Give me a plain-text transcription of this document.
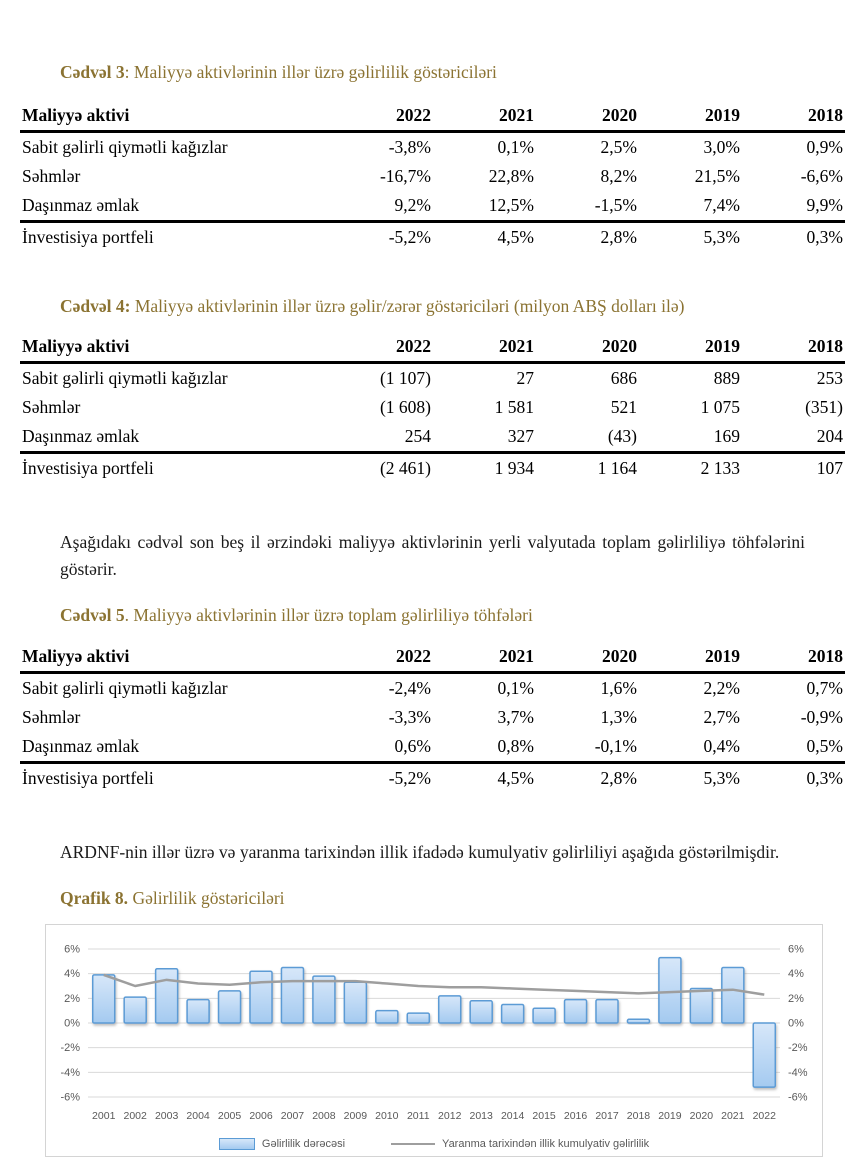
Cədvəl 3: Maliyyə aktivlərinin illər üzrə gəlirlilik göstəriciləri

Maliyyə aktivi	2022	2021	2020	2019	2018
Sabit gəlirli qiymətli kağızlar	-3,8%	0,1%	2,5%	3,0%	0,9%
Səhmlər	-16,7%	22,8%	8,2%	21,5%	-6,6%
Daşınmaz əmlak	9,2%	12,5%	-1,5%	7,4%	9,9%
İnvestisiya portfeli	-5,2%	4,5%	2,8%	5,3%	0,3%

Cədvəl 4: Maliyyə aktivlərinin illər üzrə gəlir/zərər göstəriciləri (milyon ABŞ dolları ilə)

Maliyyə aktivi	2022	2021	2020	2019	2018
Sabit gəlirli qiymətli kağızlar	(1 107)	27	686	889	253
Səhmlər	(1 608)	1 581	521	1 075	(351)
Daşınmaz əmlak	254	327	(43)	169	204
İnvestisiya portfeli	(2 461)	1 934	1 164	2 133	107

Aşağıdakı cədvəl son beş il ərzindəki maliyyə aktivlərinin yerli valyutada toplam gəlirliliyə töhfələrini göstərir.

Cədvəl 5. Maliyyə aktivlərinin illər üzrə toplam gəlirliliyə töhfələri

Maliyyə aktivi	2022	2021	2020	2019	2018
Sabit gəlirli qiymətli kağızlar	-2,4%	0,1%	1,6%	2,2%	0,7%
Səhmlər	-3,3%	3,7%	1,3%	2,7%	-0,9%
Daşınmaz əmlak	0,6%	0,8%	-0,1%	0,4%	0,5%
İnvestisiya portfeli	-5,2%	4,5%	2,8%	5,3%	0,3%

ARDNF-nin illər üzrə və yaranma tarixindən illik ifadədə kumulyativ gəlirliliyi aşağıda göstərilmişdir.

Qrafik 8. Gəlirlilik göstəriciləri

6%	6%
4%	4%
2%	2%
0%	0%
-2%	-2%
-4%	-4%
-6%	-6%
2001 2002 2003 2004 2005 2006 2007 2008 2009 2010 2011 2012 2013 2014 2015 2016 2017 2018 2019 2020 2021 2022
Gəlirlilik dərəcəsi	Yaranma tarixindən illik kumulyativ gəlirlilik
